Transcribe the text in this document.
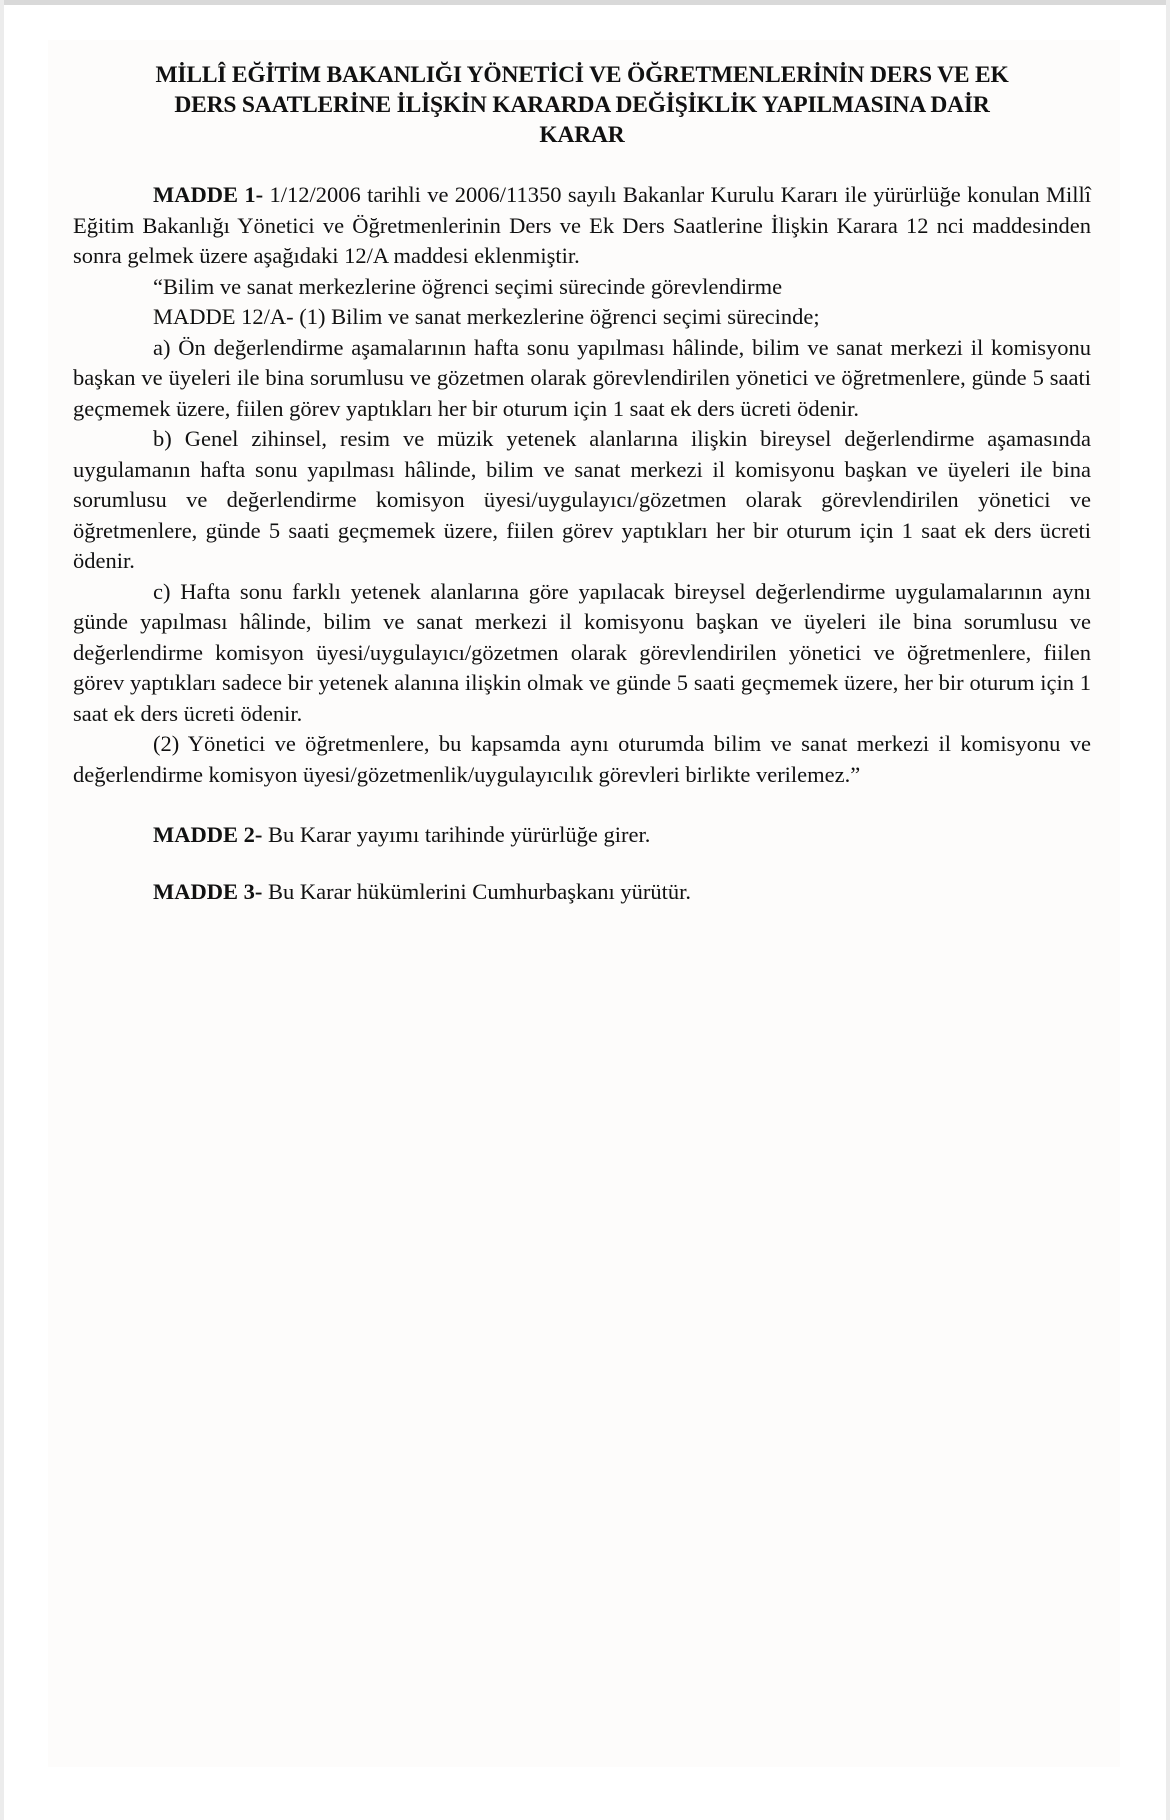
MİLLÎ EĞİTİM BAKANLIĞI YÖNETİCİ VE ÖĞRETMENLERİNİN DERS VE EK
DERS SAATLERİNE İLİŞKİN KARARDA DEĞİŞİKLİK YAPILMASINA DAİR
KARAR

MADDE 1- 1/12/2006 tarihli ve 2006/11350 sayılı Bakanlar Kurulu Kararı ile yürürlüğe konulan Millî Eğitim Bakanlığı Yönetici ve Öğretmenlerinin Ders ve Ek Ders Saatlerine İlişkin Karara 12 nci maddesinden sonra gelmek üzere aşağıdaki 12/A maddesi eklenmiştir.

“Bilim ve sanat merkezlerine öğrenci seçimi sürecinde görevlendirme

MADDE 12/A- (1) Bilim ve sanat merkezlerine öğrenci seçimi sürecinde;

a) Ön değerlendirme aşamalarının hafta sonu yapılması hâlinde, bilim ve sanat merkezi il komisyonu başkan ve üyeleri ile bina sorumlusu ve gözetmen olarak görevlendirilen yönetici ve öğretmenlere, günde 5 saati geçmemek üzere, fiilen görev yaptıkları her bir oturum için 1 saat ek ders ücreti ödenir.

b) Genel zihinsel, resim ve müzik yetenek alanlarına ilişkin bireysel değerlendirme aşamasında uygulamanın hafta sonu yapılması hâlinde, bilim ve sanat merkezi il komisyonu başkan ve üyeleri ile bina sorumlusu ve değerlendirme komisyon üyesi/uygulayıcı/gözetmen olarak görevlendirilen yönetici ve öğretmenlere, günde 5 saati geçmemek üzere, fiilen görev yaptıkları her bir oturum için 1 saat ek ders ücreti ödenir.

c) Hafta sonu farklı yetenek alanlarına göre yapılacak bireysel değerlendirme uygulamalarının aynı günde yapılması hâlinde, bilim ve sanat merkezi il komisyonu başkan ve üyeleri ile bina sorumlusu ve değerlendirme komisyon üyesi/uygulayıcı/gözetmen olarak görevlendirilen yönetici ve öğretmenlere, fiilen görev yaptıkları sadece bir yetenek alanına ilişkin olmak ve günde 5 saati geçmemek üzere, her bir oturum için 1 saat ek ders ücreti ödenir.

(2) Yönetici ve öğretmenlere, bu kapsamda aynı oturumda bilim ve sanat merkezi il komisyonu ve değerlendirme komisyon üyesi/gözetmenlik/uygulayıcılık görevleri birlikte verilemez.”

MADDE 2- Bu Karar yayımı tarihinde yürürlüğe girer.

MADDE 3- Bu Karar hükümlerini Cumhurbaşkanı yürütür.
